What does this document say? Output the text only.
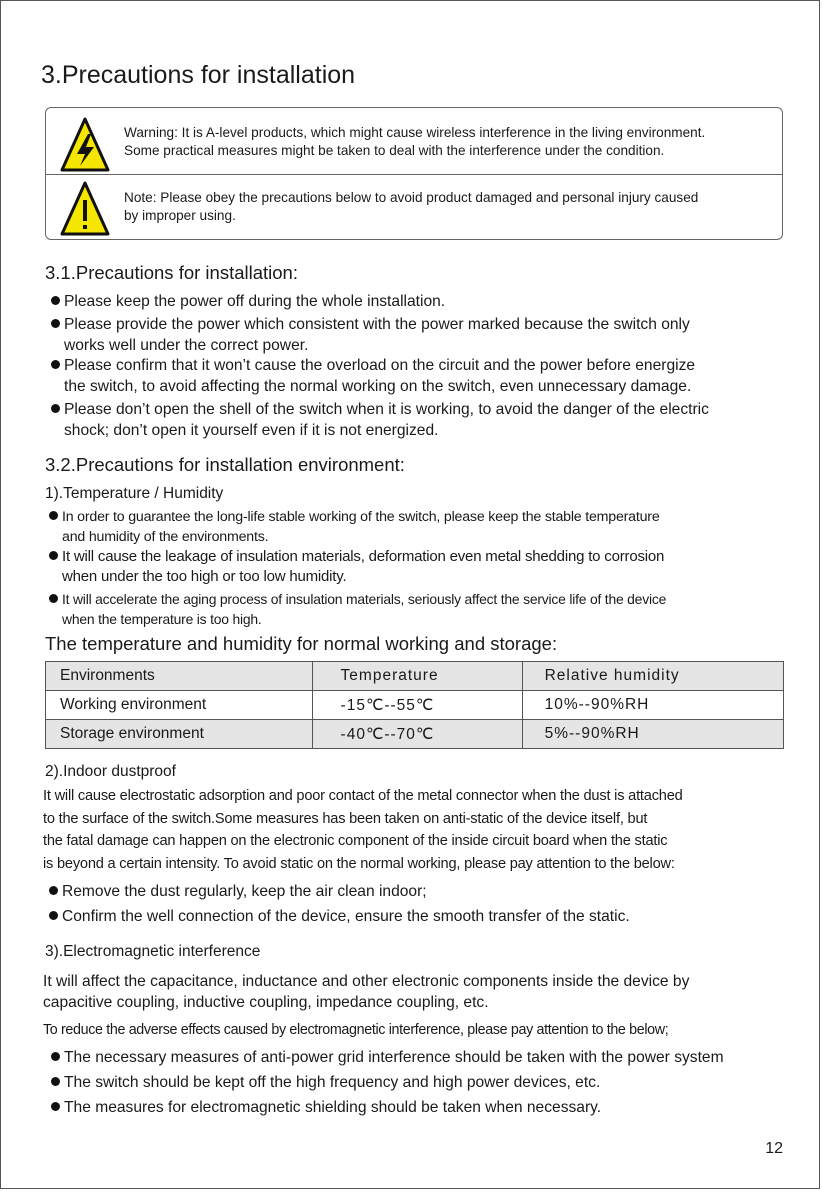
3.Precautions for installation
Warning: It is A-level products, which might cause wireless interference in the living environment.
Some practical measures might be taken to deal with the interference under the condition.
Note: Please obey the precautions below to avoid product damaged and personal injury caused
by improper using.
3.1.Precautions for installation:
Please keep the power off during the whole installation.
Please provide the power which consistent with the power marked because the switch only
works well under the correct power.
Please confirm that it won’t cause the overload on the circuit and the power before energize
the switch, to avoid affecting the normal working on the switch, even unnecessary damage.
Please don’t open the shell of the switch when it is working, to avoid the danger of the electric
shock; don’t open it yourself even if it is not energized.
3.2.Precautions for installation environment:
1).Temperature / Humidity
In order to guarantee the long-life stable working of the switch, please keep the stable temperature
and humidity of the environments.
It will cause the leakage of insulation materials, deformation even metal shedding to corrosion
when under the too high or too low humidity.
It will accelerate the aging process of insulation materials, seriously affect the service life of the device
when the temperature is too high.
The temperature and humidity for normal working and storage:
Environments	Temperature	Relative humidity
Working environment	-15℃--55℃	10%--90%RH
Storage environment	-40℃--70℃	5%--90%RH
2).Indoor dustproof
It will cause electrostatic adsorption and poor contact of the metal connector when the dust is attached
to the surface of the switch.Some measures has been taken on anti-static of the device itself, but
the fatal damage can happen on the electronic component of the inside circuit board when the static
is beyond a certain intensity. To avoid static on the normal working, please pay attention to the below:
Remove the dust regularly, keep the air clean indoor;
Confirm the well connection of the device, ensure the smooth transfer of the static.
3).Electromagnetic interference
It will affect the capacitance, inductance and other electronic components inside the device by
capacitive coupling, inductive coupling, impedance coupling, etc.
To reduce the adverse effects caused by electromagnetic interference, please pay attention to the below;
The necessary measures of anti-power grid interference should be taken with the power system
The switch should be kept off the high frequency and high power devices, etc.
The measures for electromagnetic shielding should be taken when necessary.
12
